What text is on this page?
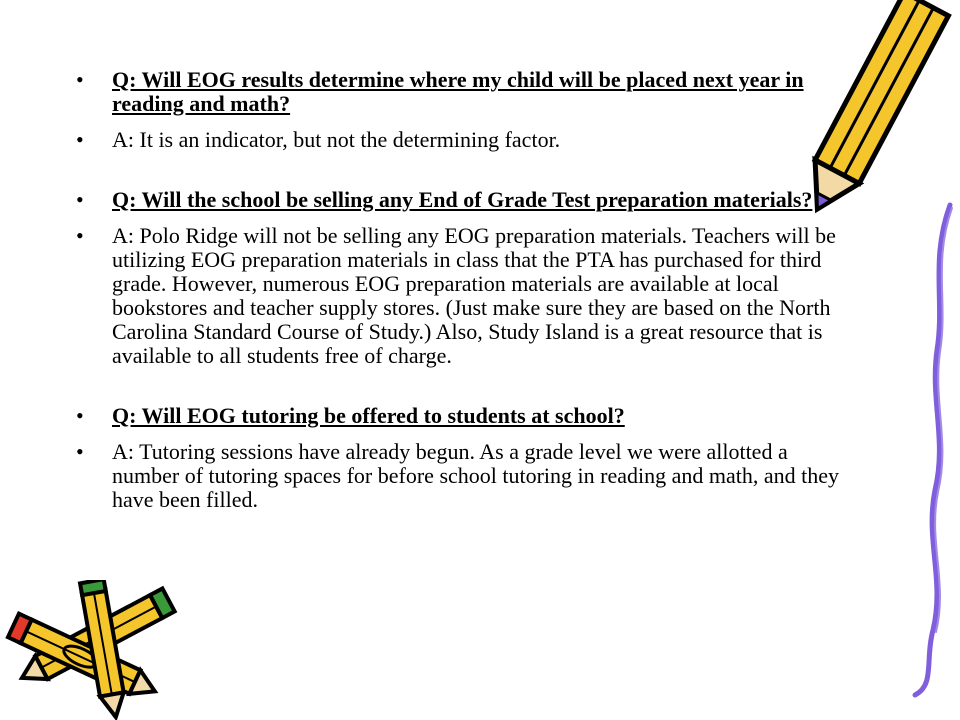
•	Q: Will EOG results determine where my child will be placed next year in reading and math?
•	A: It is an indicator, but not the determining factor.
•	Q: Will the school be selling any End of Grade Test preparation materials?
•	A: Polo Ridge will not be selling any EOG preparation materials. Teachers will be utilizing EOG preparation materials in class that the PTA has purchased for third grade. However, numerous EOG preparation materials are available at local bookstores and teacher supply stores. (Just make sure they are based on the North Carolina Standard Course of Study.) Also, Study Island is a great resource that is available to all students free of charge.
•	Q: Will EOG tutoring be offered to students at school?
•	A: Tutoring sessions have already begun. As a grade level we were allotted a number of tutoring spaces for before school tutoring in reading and math, and they have been filled.
